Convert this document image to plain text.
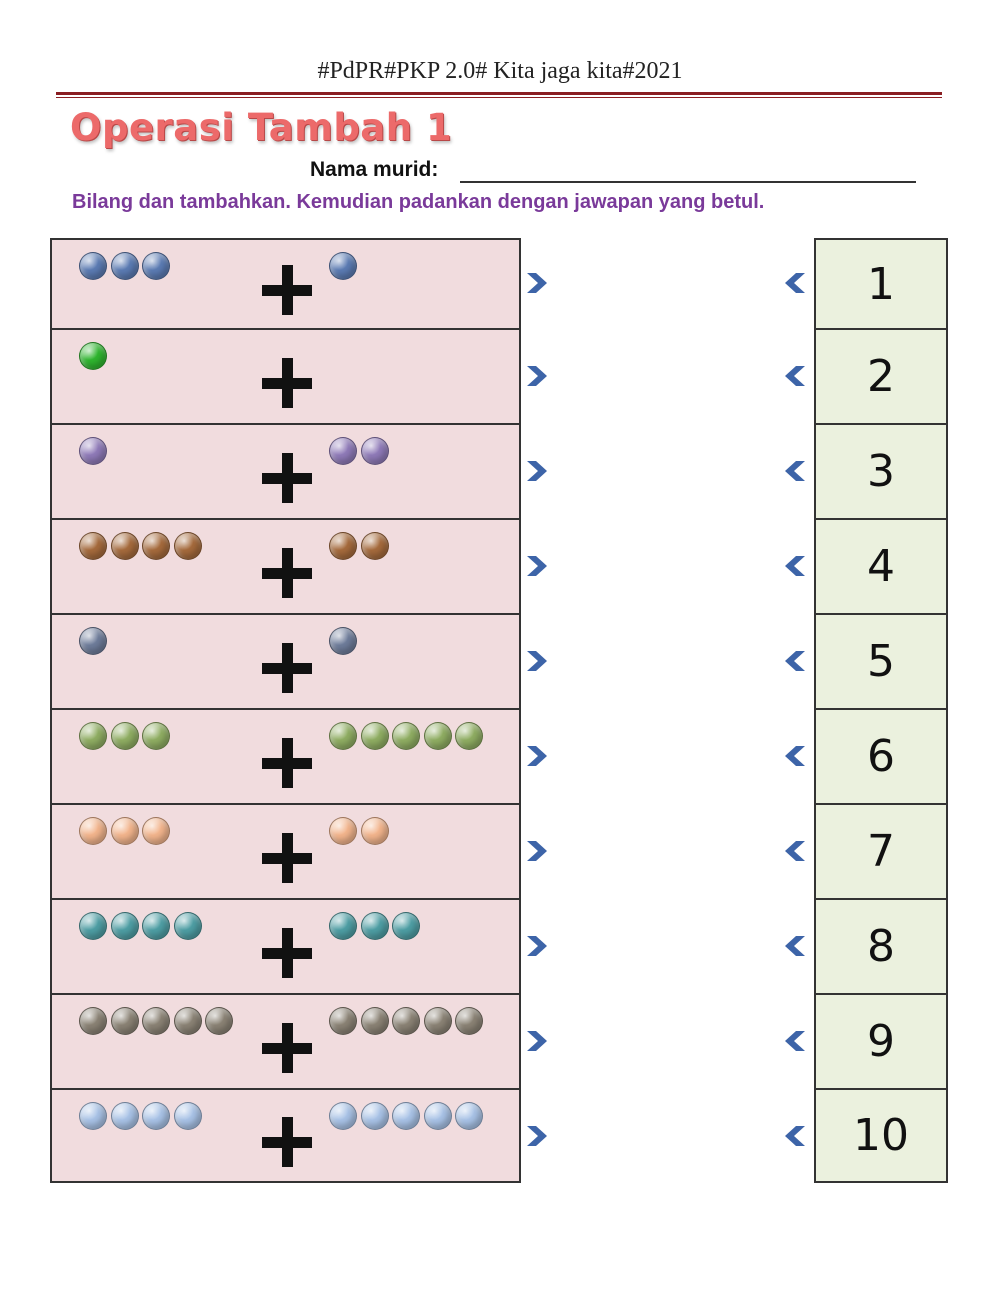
#PdPR#PKP 2.0# Kita jaga kita#2021
Operasi Tambah 1
Nama murid:
Bilang dan tambahkan. Kemudian padankan dengan jawapan yang betul.
1
2
3
4
5
6
7
8
9
10
